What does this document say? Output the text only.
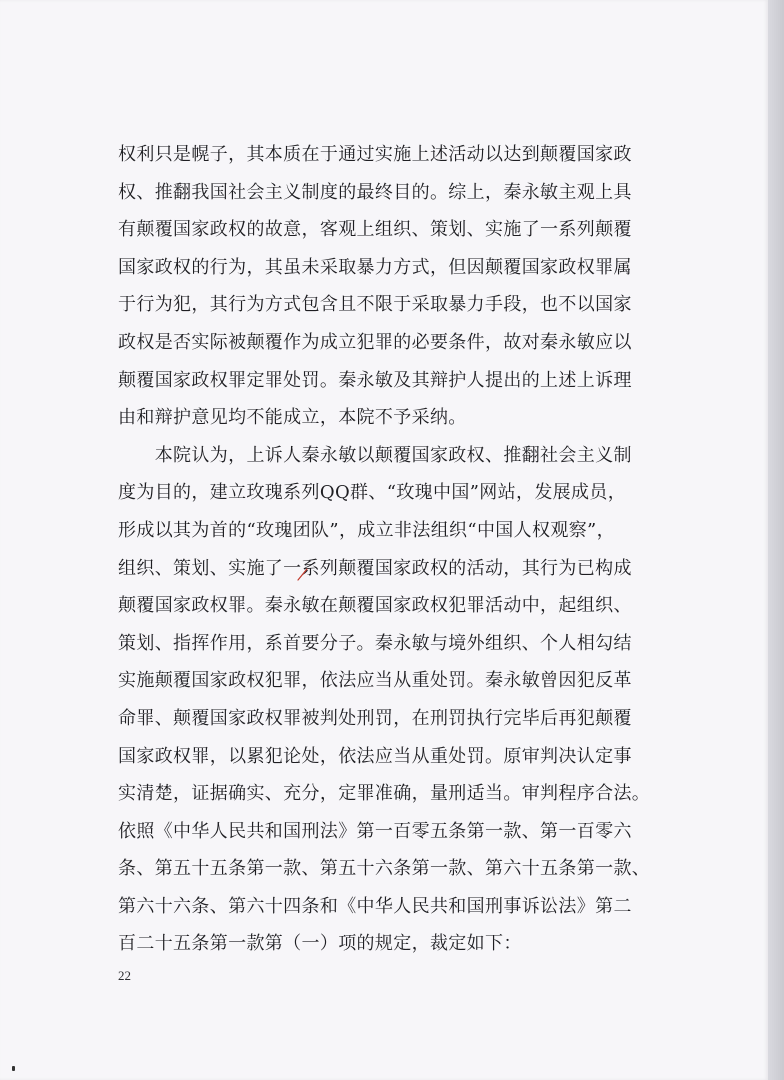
权利只是幌子，其本质在于通过实施上述活动以达到颠覆国家政
权、推翻我国社会主义制度的最终目的。综上，秦永敏主观上具
有颠覆国家政权的故意，客观上组织、策划、实施了一系列颠覆
国家政权的行为，其虽未采取暴力方式，但因颠覆国家政权罪属
于行为犯，其行为方式包含且不限于采取暴力手段，也不以国家
政权是否实际被颠覆作为成立犯罪的必要条件，故对秦永敏应以
颠覆国家政权罪定罪处罚。秦永敏及其辩护人提出的上述上诉理
由和辩护意见均不能成立，本院不予采纳。
　　本院认为，上诉人秦永敏以颠覆国家政权、推翻社会主义制
度为目的，建立玫瑰系列QQ群、“玫瑰中国”网站，发展成员，
形成以其为首的“玫瑰团队”，成立非法组织“中国人权观察”，
组织、策划、实施了一系列颠覆国家政权的活动，其行为已构成
颠覆国家政权罪。秦永敏在颠覆国家政权犯罪活动中，起组织、
策划、指挥作用，系首要分子。秦永敏与境外组织、个人相勾结
实施颠覆国家政权犯罪，依法应当从重处罚。秦永敏曾因犯反革
命罪、颠覆国家政权罪被判处刑罚，在刑罚执行完毕后再犯颠覆
国家政权罪，以累犯论处，依法应当从重处罚。原审判决认定事
实清楚，证据确实、充分，定罪准确，量刑适当。审判程序合法。
依照《中华人民共和国刑法》第一百零五条第一款、第一百零六
条、第五十五条第一款、第五十六条第一款、第六十五条第一款、
第六十六条、第六十四条和《中华人民共和国刑事诉讼法》第二
百二十五条第一款第（一）项的规定，裁定如下：
22
